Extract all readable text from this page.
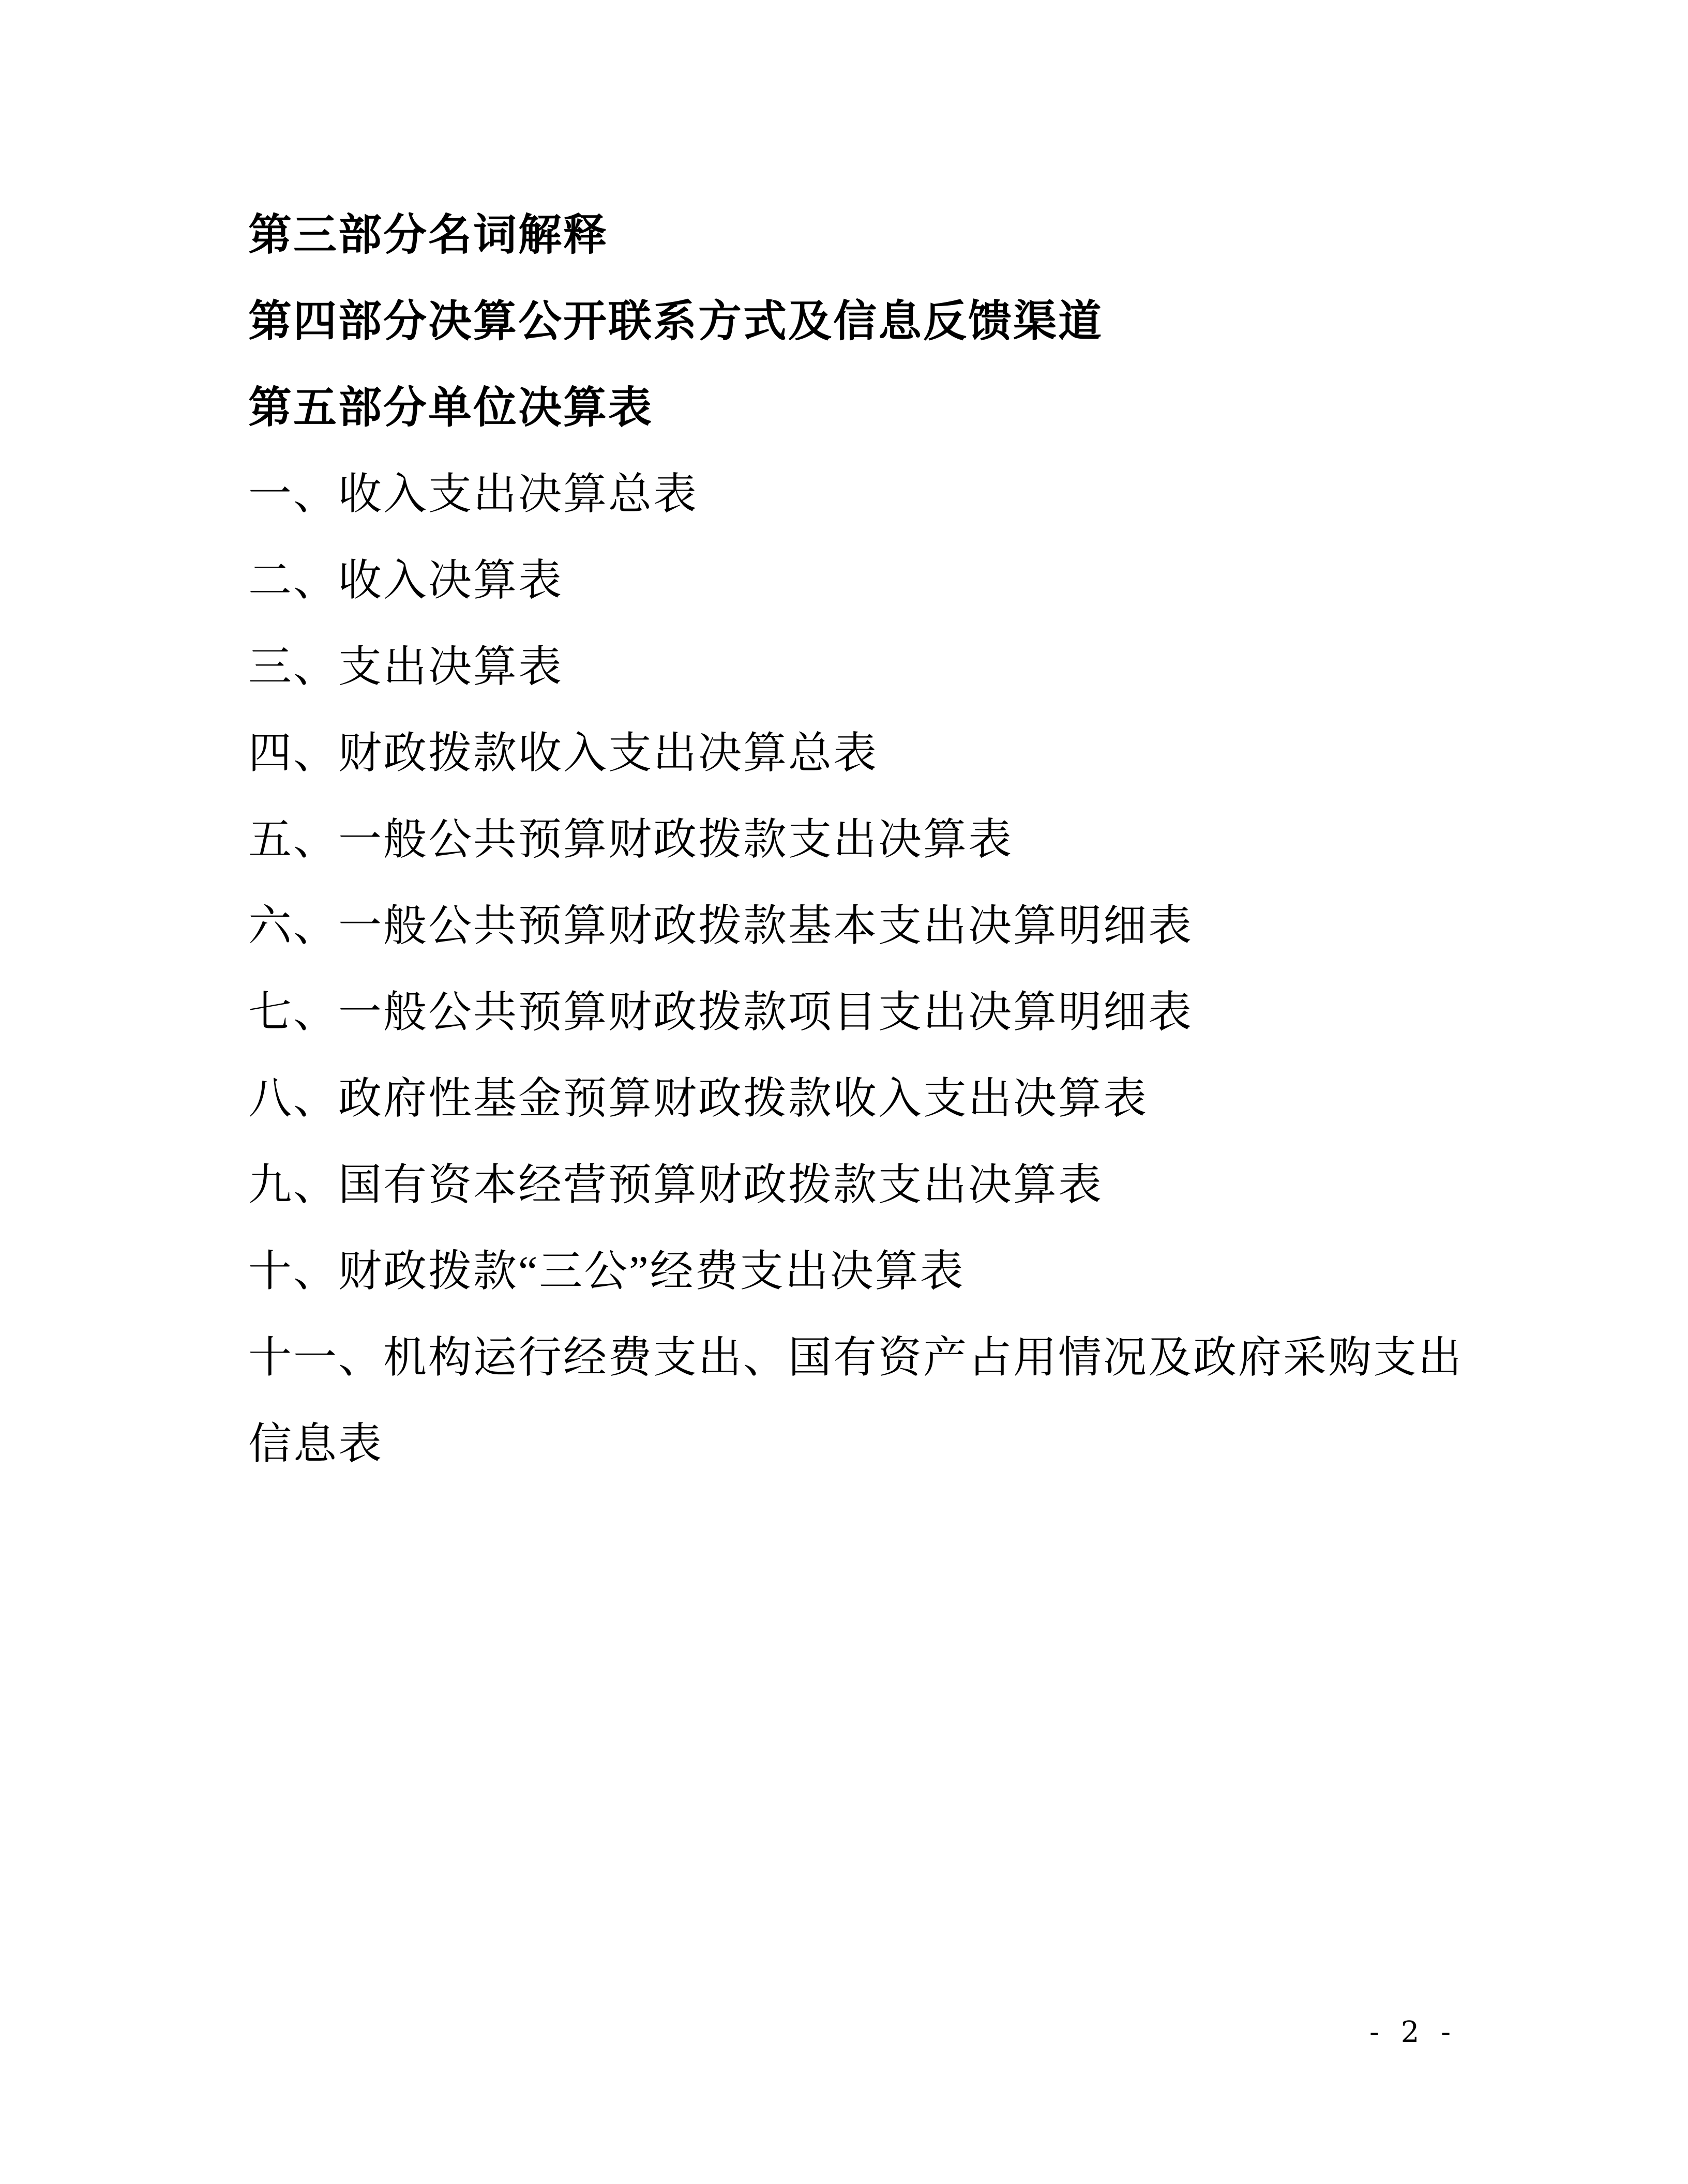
第三部分名词解释
第四部分决算公开联系方式及信息反馈渠道
第五部分单位决算表
一、收入支出决算总表
二、收入决算表
三、支出决算表
四、财政拨款收入支出决算总表
五、一般公共预算财政拨款支出决算表
六、一般公共预算财政拨款基本支出决算明细表
七、一般公共预算财政拨款项目支出决算明细表
八、政府性基金预算财政拨款收入支出决算表
九、国有资本经营预算财政拨款支出决算表
十、财政拨款“三公”经费支出决算表
十一、机构运行经费支出、国有资产占用情况及政府采购支出
信息表
- 2 -
